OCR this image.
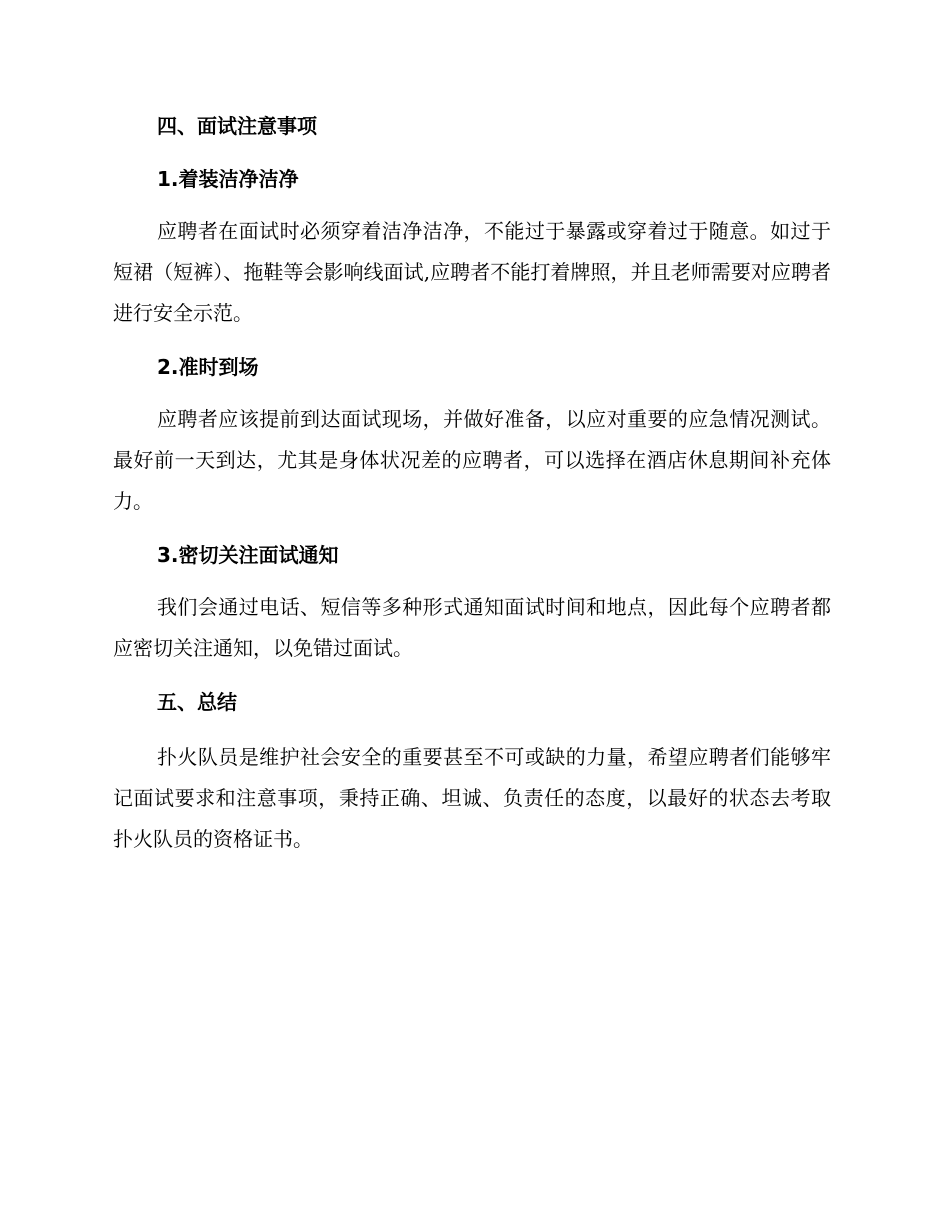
四、面试注意事项
1.着装洁净洁净

应聘者在面试时必须穿着洁净洁净，不能过于暴露或穿着过于随意。如过于短裙（短裤）、拖鞋等会影响线面试,应聘者不能打着牌照，并且老师需要对应聘者进行安全示范。

2.准时到场

应聘者应该提前到达面试现场，并做好准备，以应对重要的应急情况测试。最好前一天到达，尤其是身体状况差的应聘者，可以选择在酒店休息期间补充体力。

3.密切关注面试通知

我们会通过电话、短信等多种形式通知面试时间和地点，因此每个应聘者都应密切关注通知，以免错过面试。

五、总结

扑火队员是维护社会安全的重要甚至不可或缺的力量，希望应聘者们能够牢记面试要求和注意事项，秉持正确、坦诚、负责任的态度，以最好的状态去考取扑火队员的资格证书。
